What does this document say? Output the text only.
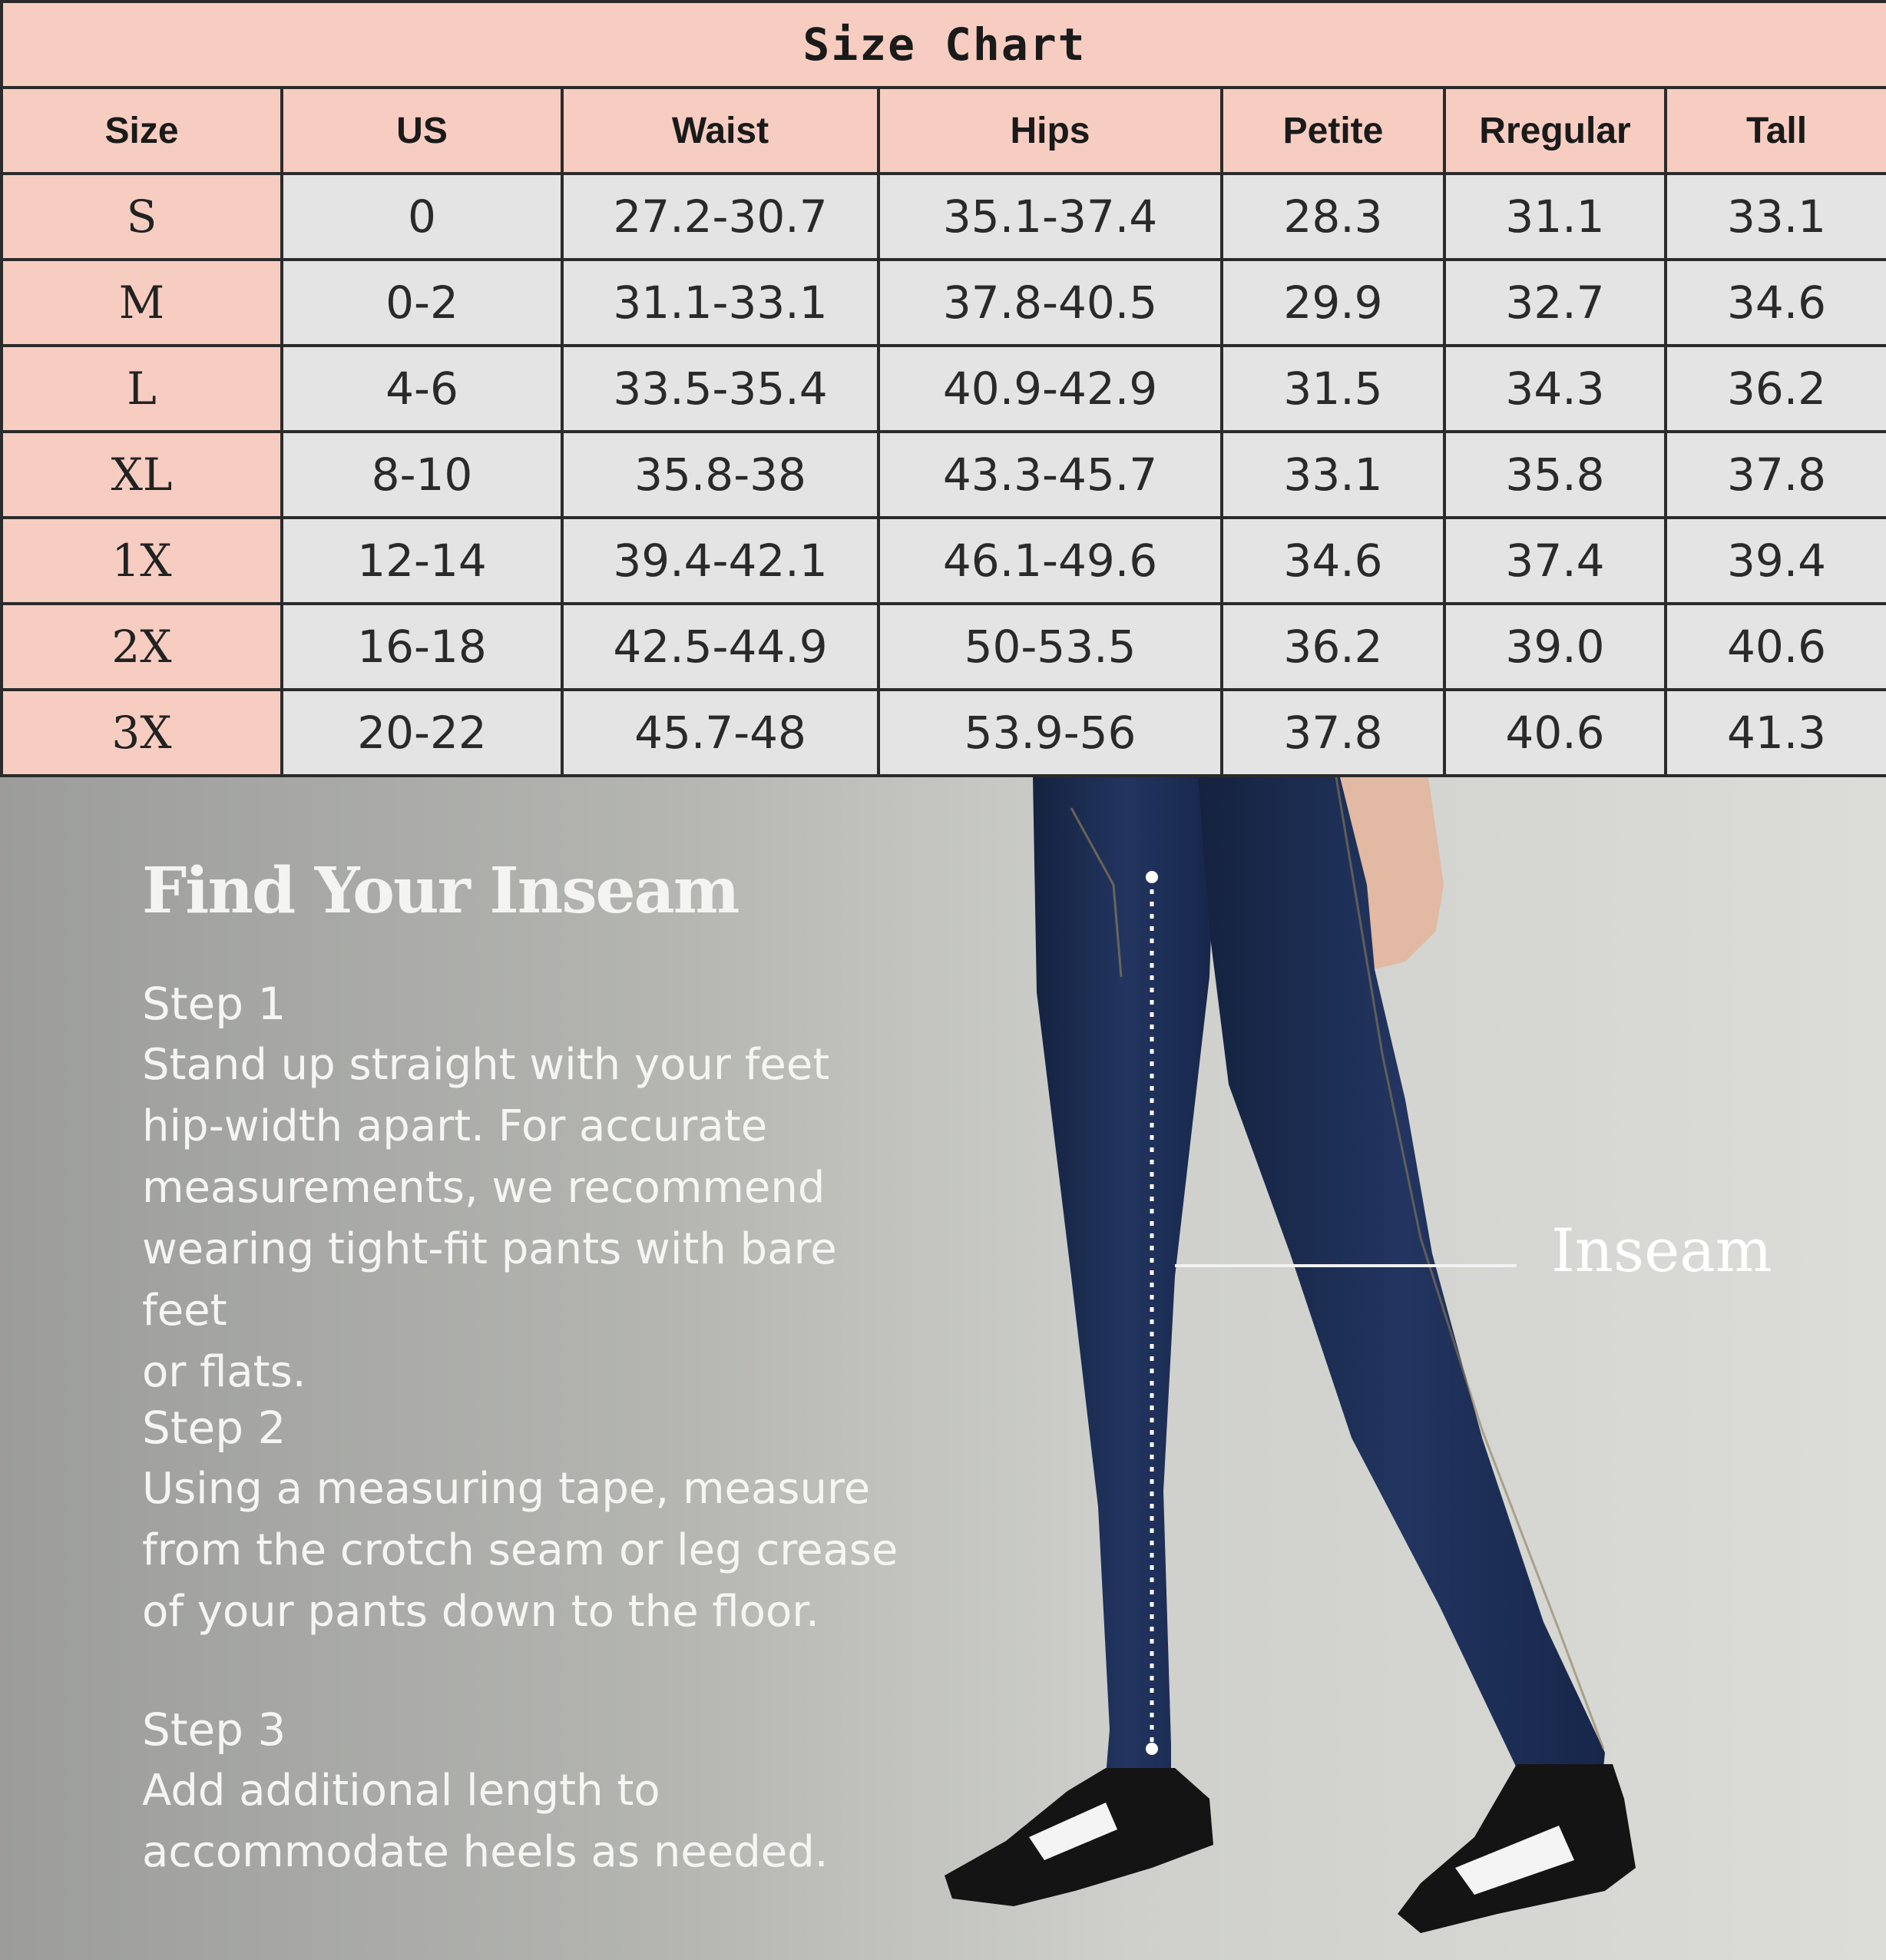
Size Chart						
Size	US	Waist	Hips	Petite	Rregular	Tall
S	0	27.2-30.7	35.1-37.4	28.3	31.1	33.1
M	0-2	31.1-33.1	37.8-40.5	29.9	32.7	34.6
L	4-6	33.5-35.4	40.9-42.9	31.5	34.3	36.2
XL	8-10	35.8-38	43.3-45.7	33.1	35.8	37.8
1X	12-14	39.4-42.1	46.1-49.6	34.6	37.4	39.4
2X	16-18	42.5-44.9	50-53.5	36.2	39.0	40.6
3X	20-22	45.7-48	53.9-56	37.8	40.6	41.3
Find Your Inseam
Step 1
Stand up straight with your feet
hip-width apart. For accurate
measurements, we recommend
wearing tight-fit pants with bare feet
or flats.
Step 2
Using a measuring tape, measure
from the crotch seam or leg crease
of your pants down to the floor.
Step 3
Add additional length to
accommodate heels as needed.
Inseam
